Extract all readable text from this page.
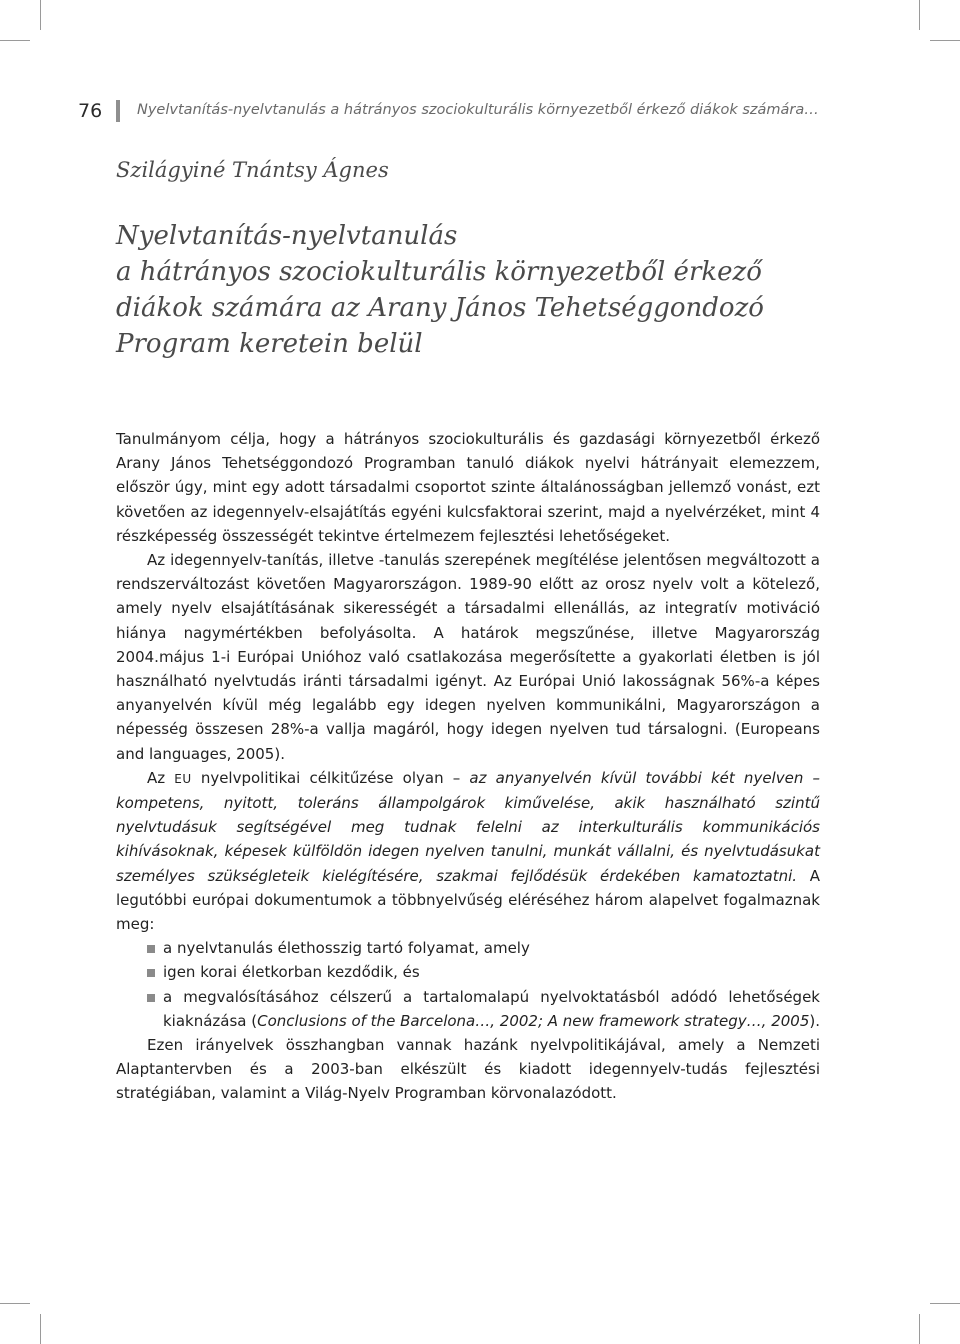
76 Nyelvtanítás-nyelvtanulás a hátrányos szociokulturális környezetből érkező diákok számára…
Szilágyiné Tnántsy Ágnes
Nyelvtanítás-nyelvtanulás
a hátrányos szociokulturális környezetből érkező
diákok számára az Arany János Tehetséggondozó
Program keretein belül

Tanulmányom célja, hogy a hátrányos szociokulturális és gazdasági környezetből érkező Arany János Tehetséggondozó Programban tanuló diákok nyelvi hátrányait elemezzem, először úgy, mint egy adott társadalmi csoportot szinte általánosságban jellemző vonást, ezt követően az idegennyelv-elsajátítás egyéni kulcsfaktorai szerint, majd a nyelvérzéket, mint 4 részképesség összességét tekintve értelmezem fejlesztési lehetőségeket.

Az idegennyelv-tanítás, illetve -tanulás szerepének megítélése jelentősen megváltozott a rendszerváltozást követően Magyarországon. 1989-90 előtt az orosz nyelv volt a kötelező, amely nyelv elsajátításának sikerességét a társadalmi ellenállás, az integratív motiváció hiánya nagymértékben befolyásolta. A határok megszűnése, illetve Magyarország 2004.május 1-i Európai Unióhoz való csatlakozása megerősítette a gyakorlati életben is jól használható nyelvtudás iránti társadalmi igényt. Az Európai Unió lakosságnak 56%-a képes anyanyelvén kívül még legalább egy idegen nyelven kommunikálni, Magyarországon a népesség összesen 28%-a vallja magáról, hogy idegen nyelven tud társalogni. (Europeans and languages, 2005).

Az EU nyelvpolitikai célkitűzése olyan – az anyanyelvén kívül további két nyelven – kompetens, nyitott, toleráns állampolgárok kiművelése, akik használható szintű nyelvtudásuk segítségével meg tudnak felelni az interkulturális kommunikációs kihívásoknak, képesek külföldön idegen nyelven tanulni, munkát vállalni, és nyelvtudásukat személyes szükségleteik kielégítésére, szakmai fejlődésük érdekében kamatoztatni. A legutóbbi európai dokumentumok a többnyelvűség eléréséhez három alapelvet fogalmaznak meg:

a nyelvtanulás élethosszig tartó folyamat, amely
igen korai életkorban kezdődik, és
a megvalósításához célszerű a tartalomalapú nyelvoktatásból adódó lehetőségek kiaknázása (Conclusions of the Barcelona…, 2002; A new framework strategy…, 2005).

Ezen irányelvek összhangban vannak hazánk nyelvpolitikájával, amely a Nemzeti Alaptantervben és a 2003-ban elkészült és kiadott idegennyelv-tudás fejlesztési stratégiában, valamint a Világ-Nyelv Programban körvonalazódott.
